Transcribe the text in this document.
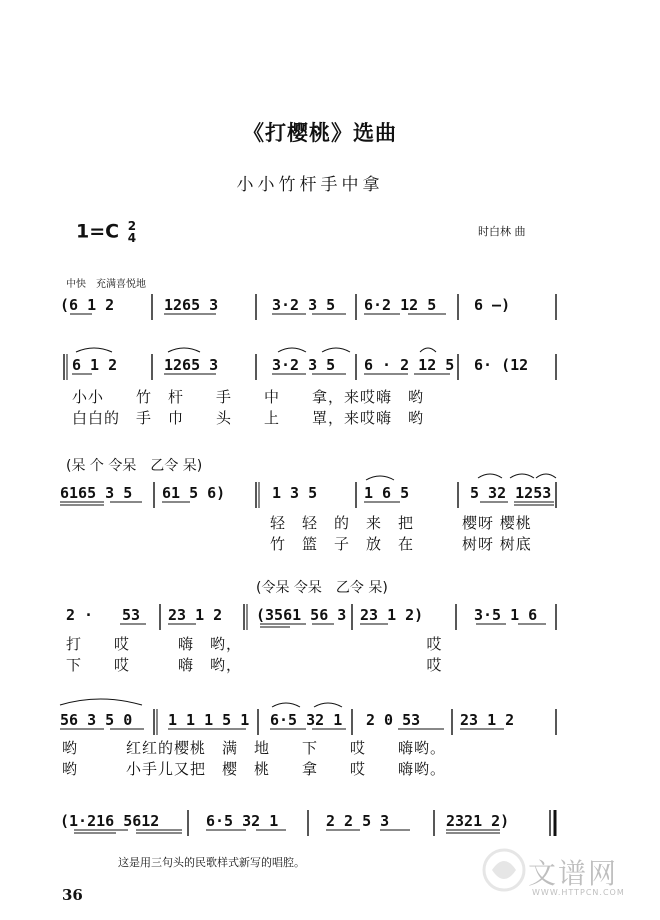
《打樱桃》选曲
小小竹杆手中拿
1=C 2
4	时白林 曲
中快　充满喜悦地
(6 1 2	1265 3	3·2 3 5 6·2 12 5	6 —)
6 1 2	1265 3	3·2 3 5 6 · 2 12 5 6· (12
小小　　竹　杆　　手　　中　　拿，来哎嗨　哟
白白的　手　巾　　头　　上　　罩，来哎嗨　哟
(呆 个 令呆　乙令 呆)
6165 3 5 61 5 6)	1 3 5	1 6 5	5 32 1253
轻　轻　的　来　把　　　樱呀 樱桃
竹　篮　子　放　在　　　树呀 树底
(令呆 令呆　乙令 呆)
2 · 53 23 1 2 (3561 56 3 23 1 2)	3·5 1 6
打　　哎　　　嗨　哟，　　　　　　　　　　　　哎
下　　哎　　　嗨　哟，　　　　　　　　　　　　哎
56 3 5 0 1 1 1 5 1 6·5 32 1 2 0 53	23 1 2
哟　　　红红的樱桃　满　地　　下　　哎　　嗨哟。
哟　　　小手儿又把　樱　桃　　拿　　哎　　嗨哟。
(1·216 5612	6·5 32 1	2 2 5 3	2321 2)
这是用三句头的民歌样式新写的唱腔。
36
文谱网
WWW.HTTPCN.COM
